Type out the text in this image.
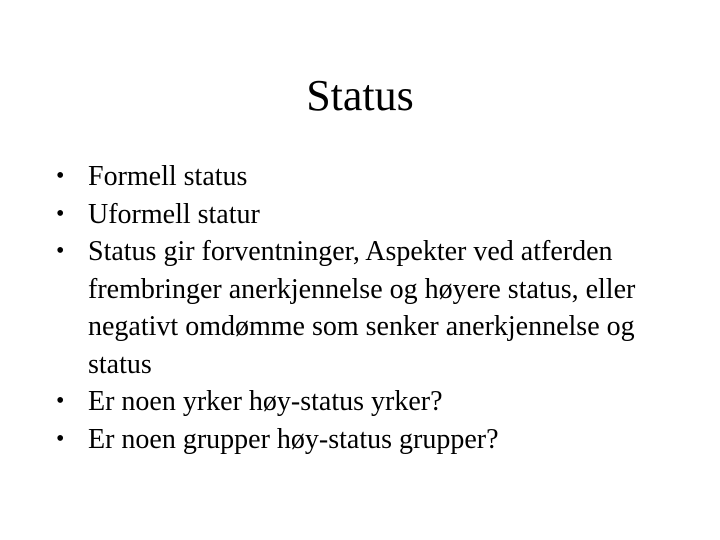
Status
• Formell status
• Uformell statur
• Status gir forventninger, Aspekter ved atferden frembringer anerkjennelse og høyere status, eller negativt omdømme som senker anerkjennelse og status
• Er noen yrker høy-status yrker?
• Er noen grupper høy-status grupper?
